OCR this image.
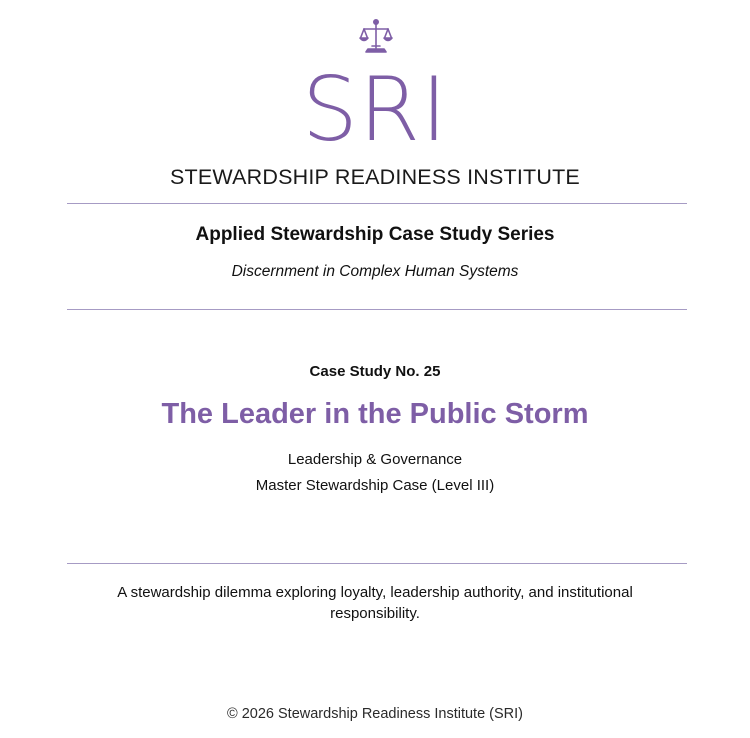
SRI
STEWARDSHIP READINESS INSTITUTE
Applied Stewardship Case Study Series
Discernment in Complex Human Systems
Case Study No. 25
The Leader in the Public Storm
Leadership & Governance
Master Stewardship Case (Level III)
A stewardship dilemma exploring loyalty, leadership authority, and institutional responsibility.
© 2026 Stewardship Readiness Institute (SRI)
